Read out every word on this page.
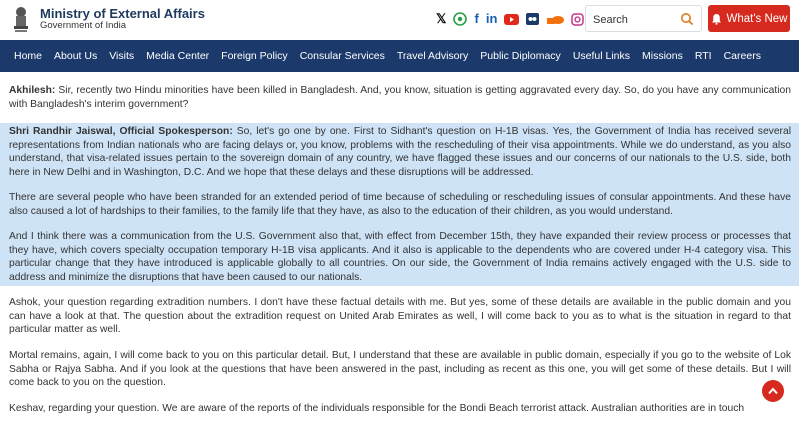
Ministry of External Affairs
Government of India	𝕏 f in
Search	What's New
Home	About Us	Visits	Media Center	Foreign Policy	Consular Services	Travel Advisory	Public Diplomacy	Useful Links	Missions	RTI	Careers

Akhilesh: Sir, recently two Hindu minorities have been killed in Bangladesh. And, you know, situation is getting aggravated every day. So, do you have any communication with Bangladesh's interim government?

Shri Randhir Jaiswal, Official Spokesperson: So, let's go one by one. First to Sidhant's question on H-1B visas. Yes, the Government of India has received several representations from Indian nationals who are facing delays or, you know, problems with the rescheduling of their visa appointments. While we do understand, as you also understand, that visa-related issues pertain to the sovereign domain of any country, we have flagged these issues and our concerns of our nationals to the U.S. side, both here in New Delhi and in Washington, D.C. And we hope that these delays and these disruptions will be addressed.

There are several people who have been stranded for an extended period of time because of scheduling or rescheduling issues of consular appointments. And these have also caused a lot of hardships to their families, to the family life that they have, as also to the education of their children, as you would understand.

And I think there was a communication from the U.S. Government also that, with effect from December 15th, they have expanded their review process or processes that they have, which covers specialty occupation temporary H-1B visa applicants. And it also is applicable to the dependents who are covered under H-4 category visa. This particular change that they have introduced is applicable globally to all countries. On our side, the Government of India remains actively engaged with the U.S. side to address and minimize the disruptions that have been caused to our nationals.

Ashok, your question regarding extradition numbers. I don't have these factual details with me. But yes, some of these details are available in the public domain and you can have a look at that. The question about the extradition request on United Arab Emirates as well, I will come back to you as to what is the situation in regard to that particular matter as well.

Mortal remains, again, I will come back to you on this particular detail. But, I understand that these are available in public domain, especially if you go to the website of Lok Sabha or Rajya Sabha. And if you look at the questions that have been answered in the past, including as recent as this one, you will get some of these details. But I will come back to you on the question.

Keshav, regarding your question. We are aware of the reports of the individuals responsible for the Bondi Beach terrorist attack. Australian authorities are in touch
